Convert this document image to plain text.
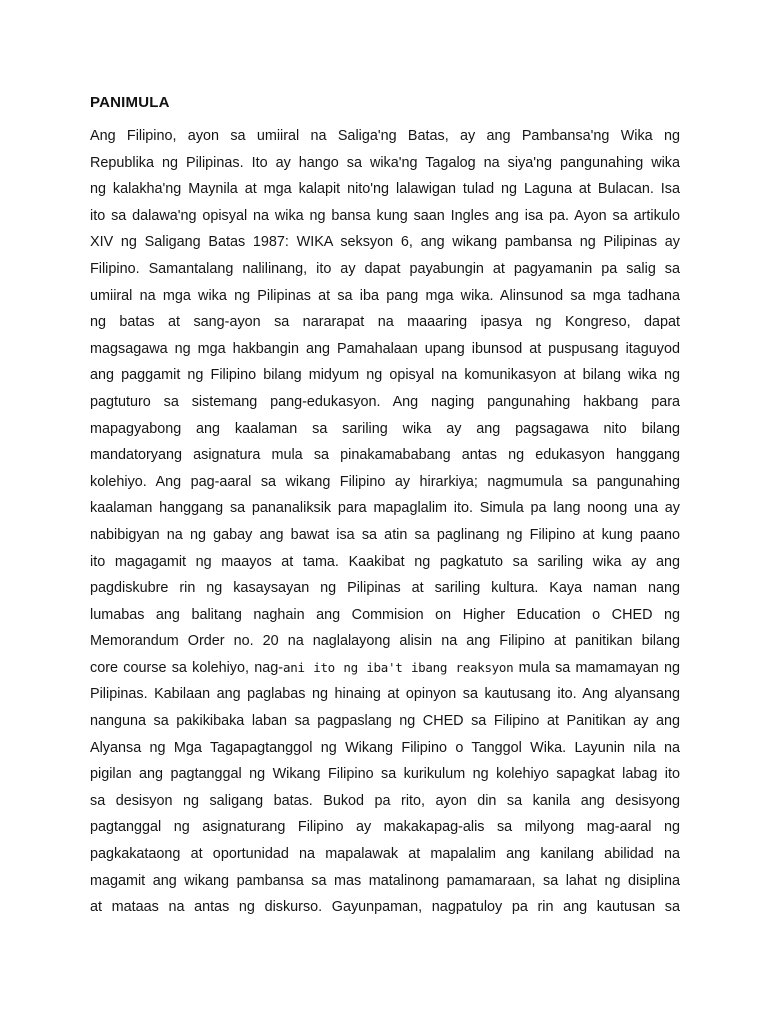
PANIMULA
Ang Filipino, ayon sa umiiral na Saliga'ng Batas, ay ang Pambansa'ng Wika ng
Republika ng Pilipinas. Ito ay hango sa wika'ng Tagalog na siya'ng pangunahing wika
ng kalakha'ng Maynila at mga kalapit nito'ng lalawigan tulad ng Laguna at Bulacan. Isa
ito sa dalawa'ng opisyal na wika ng bansa kung saan Ingles ang isa pa. Ayon sa artikulo
XIV ng Saligang Batas 1987: WIKA seksyon 6, ang wikang pambansa ng Pilipinas ay
Filipino. Samantalang nalilinang, ito ay dapat payabungin at pagyamanin pa salig sa
umiiral na mga wika ng Pilipinas at sa iba pang mga wika. Alinsunod sa mga tadhana
ng batas at sang-ayon sa nararapat na maaaring ipasya ng Kongreso, dapat
magsagawa ng mga hakbangin ang Pamahalaan upang ibunsod at puspusang itaguyod
ang paggamit ng Filipino bilang midyum ng opisyal na komunikasyon at bilang wika ng
pagtuturo sa sistemang pang-edukasyon. Ang naging pangunahing hakbang para
mapagyabong ang kaalaman sa sariling wika ay ang pagsagawa nito bilang
mandatoryang asignatura mula sa pinakamababang antas ng edukasyon hanggang
kolehiyo. Ang pag-aaral sa wikang Filipino ay hirarkiya; nagmumula sa pangunahing
kaalaman hanggang sa pananaliksik para mapaglalim ito. Simula pa lang noong una ay
nabibigyan na ng gabay ang bawat isa sa atin sa paglinang ng Filipino at kung paano
ito magagamit ng maayos at tama. Kaakibat ng pagkatuto sa sariling wika ay ang
pagdiskubre rin ng kasaysayan ng Pilipinas at sariling kultura. Kaya naman nang
lumabas ang balitang naghain ang Commision on Higher Education o CHED ng
Memorandum Order no. 20 na naglalayong alisin na ang Filipino at panitikan bilang
core course sa kolehiyo, nag-ani ito ng iba't ibang reaksyon mula sa mamamayan ng
Pilipinas. Kabilaan ang paglabas ng hinaing at opinyon sa kautusang ito. Ang alyansang
nanguna sa pakikibaka laban sa pagpaslang ng CHED sa Filipino at Panitikan ay ang
Alyansa ng Mga Tagapagtanggol ng Wikang Filipino o Tanggol Wika. Layunin nila na
pigilan ang pagtanggal ng Wikang Filipino sa kurikulum ng kolehiyo sapagkat labag ito
sa desisyon ng saligang batas. Bukod pa rito, ayon din sa kanila ang desisyong
pagtanggal ng asignaturang Filipino ay makakapag-alis sa milyong mag-aaral ng
pagkakataong at oportunidad na mapalawak at mapalalim ang kanilang abilidad na
magamit ang wikang pambansa sa mas matalinong pamamaraan, sa lahat ng disiplina
at mataas na antas ng diskurso. Gayunpaman, nagpatuloy pa rin ang kautusan sa
